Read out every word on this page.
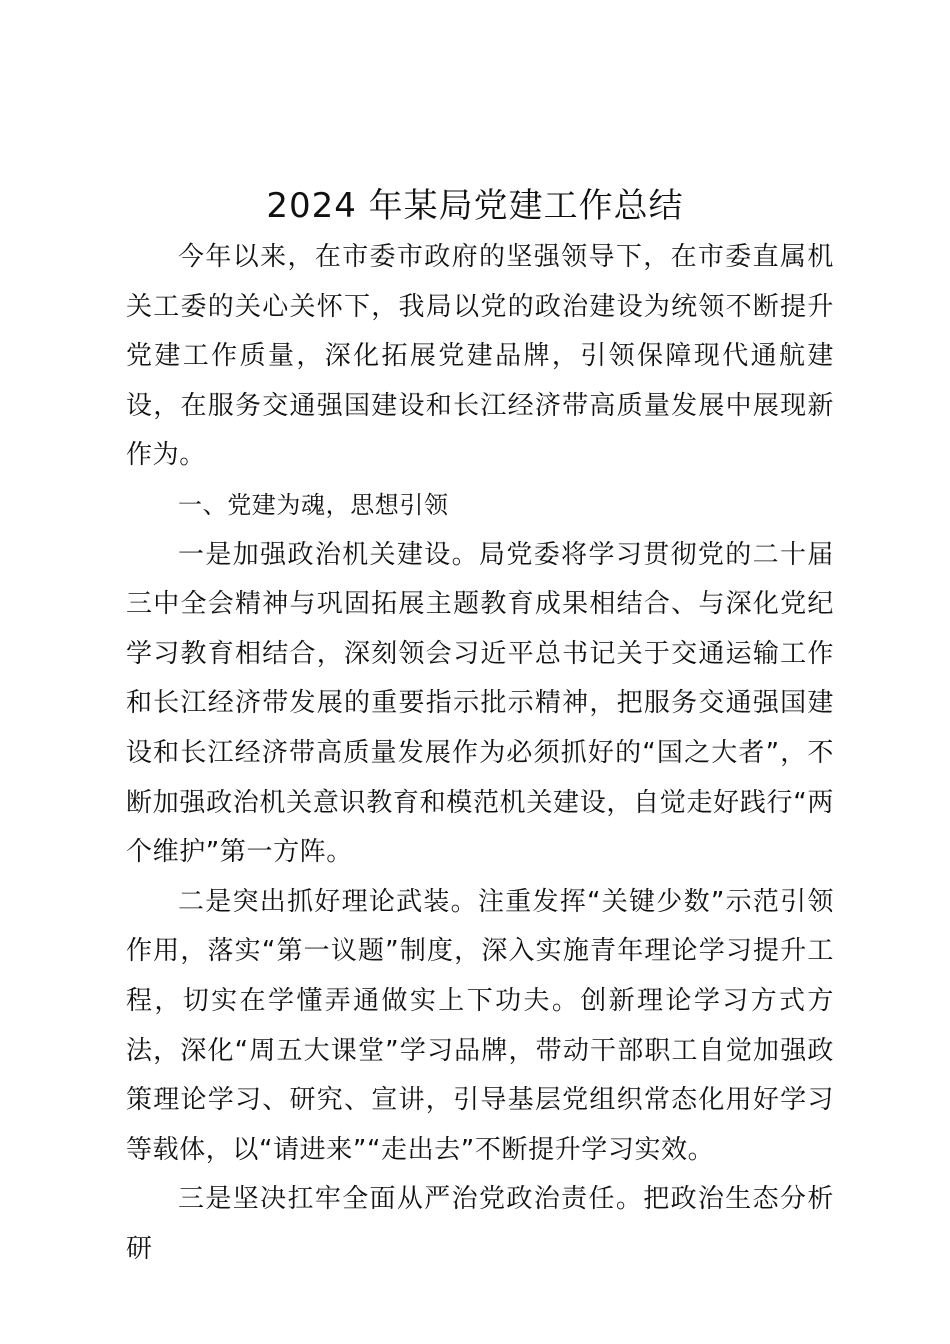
2024 年某局党建工作总结

今年以来，在市委市政府的坚强领导下，在市委直属机关工委的关心关怀下，我局以党的政治建设为统领不断提升党建工作质量，深化拓展党建品牌，引领保障现代通航建设，在服务交通强国建设和长江经济带高质量发展中展现新作为。

一、党建为魂，思想引领

一是加强政治机关建设。局党委将学习贯彻党的二十届三中全会精神与巩固拓展主题教育成果相结合、与深化党纪学习教育相结合，深刻领会习近平总书记关于交通运输工作和长江经济带发展的重要指示批示精神，把服务交通强国建设和长江经济带高质量发展作为必须抓好的“国之大者”，不断加强政治机关意识教育和模范机关建设，自觉走好践行“两个维护”第一方阵。

二是突出抓好理论武装。注重发挥“关键少数”示范引领作用，落实“第一议题”制度，深入实施青年理论学习提升工程，切实在学懂弄通做实上下功夫。创新理论学习方式方法，深化“周五大课堂”学习品牌，带动干部职工自觉加强政策理论学习、研究、宣讲，引导基层党组织常态化用好学习等载体，以“请进来”“走出去”不断提升学习实效。

三是坚决扛牢全面从严治党政治责任。把政治生态分析研
